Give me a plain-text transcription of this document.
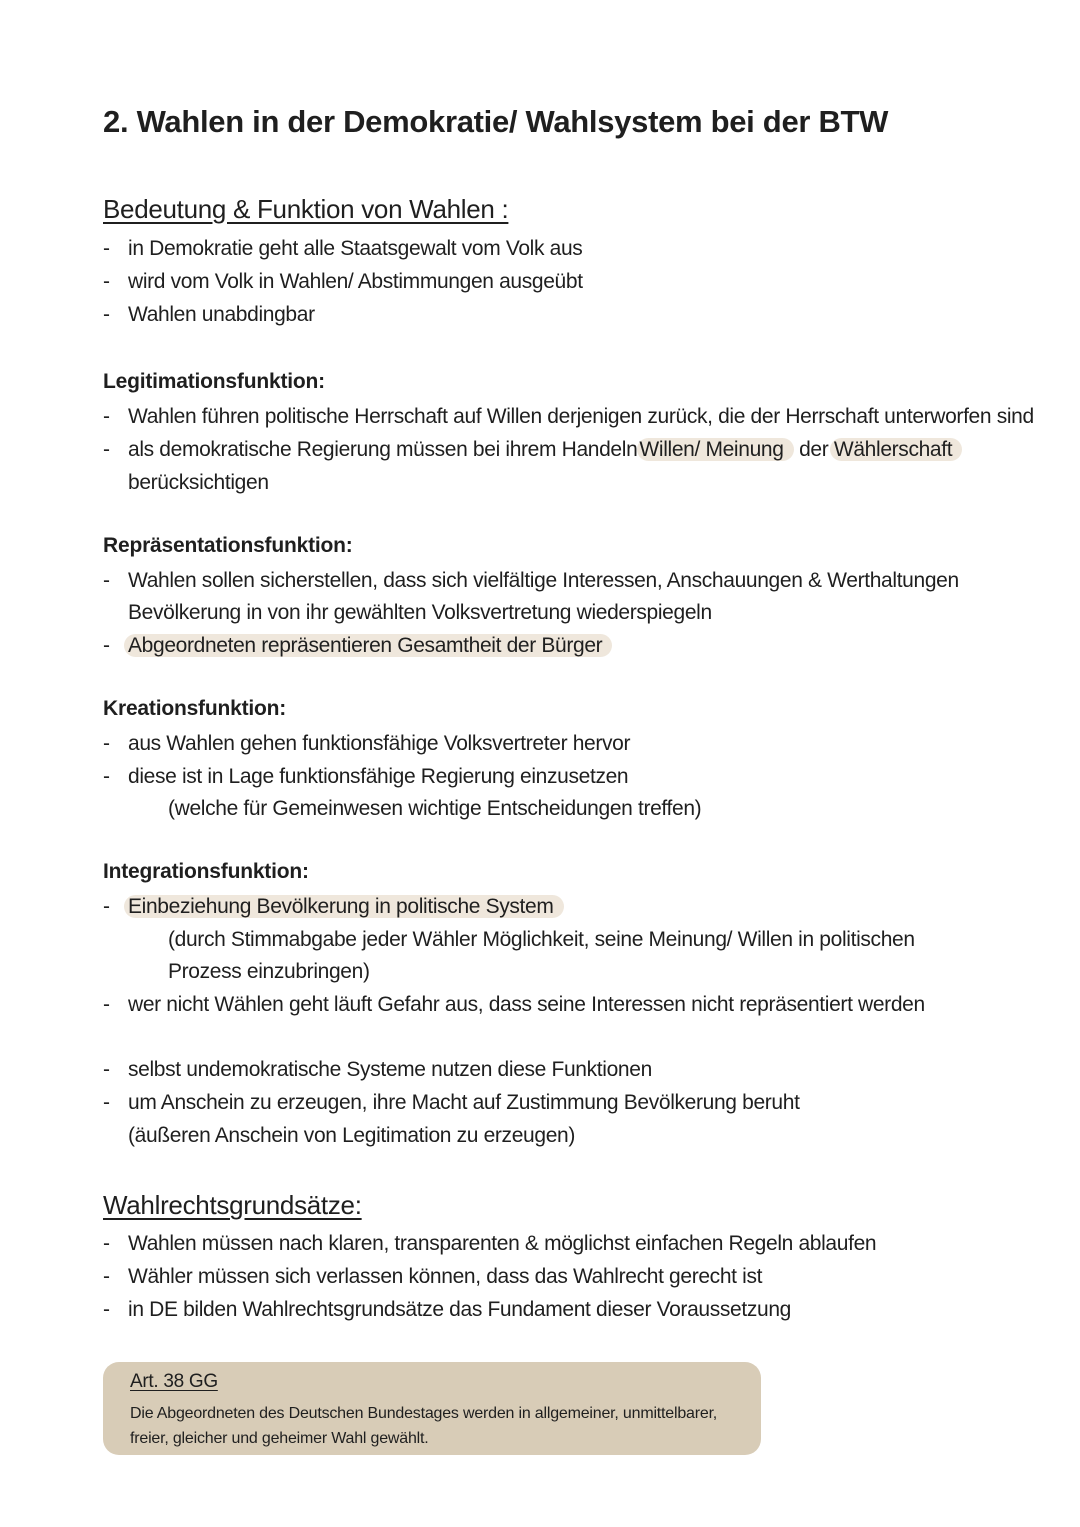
2. Wahlen in der Demokratie/ Wahlsystem bei der BTW
Bedeutung & Funktion von Wahlen :
- in Demokratie geht alle Staatsgewalt vom Volk aus
- wird vom Volk in Wahlen/ Abstimmungen ausgeübt
- Wahlen unabdingbar
Legitimationsfunktion:
- Wahlen führen politische Herrschaft auf Willen derjenigen zurück, die der Herrschaft unterworfen sind
- als demokratische Regierung müssen bei ihrem HandelnWillen/ Meinung der Wählerschaft
berücksichtigen
Repräsentationsfunktion:
- Wahlen sollen sicherstellen, dass sich vielfältige Interessen, Anschauungen & Werthaltungen
Bevölkerung in von ihr gewählten Volksvertretung wiederspiegeln
- Abgeordneten repräsentieren Gesamtheit der Bürger
Kreationsfunktion:
- aus Wahlen gehen funktionsfähige Volksvertreter hervor
- diese ist in Lage funktionsfähige Regierung einzusetzen
(welche für Gemeinwesen wichtige Entscheidungen treffen)
Integrationsfunktion:
- Einbeziehung Bevölkerung in politische System
(durch Stimmabgabe jeder Wähler Möglichkeit, seine Meinung/ Willen in politischen
Prozess einzubringen)
- wer nicht Wählen geht läuft Gefahr aus, dass seine Interessen nicht repräsentiert werden
- selbst undemokratische Systeme nutzen diese Funktionen
- um Anschein zu erzeugen, ihre Macht auf Zustimmung Bevölkerung beruht
(äußeren Anschein von Legitimation zu erzeugen)
Wahlrechtsgrundsätze:
- Wahlen müssen nach klaren, transparenten & möglichst einfachen Regeln ablaufen
- Wähler müssen sich verlassen können, dass das Wahlrecht gerecht ist
- in DE bilden Wahlrechtsgrundsätze das Fundament dieser Voraussetzung
Art. 38 GG
Die Abgeordneten des Deutschen Bundestages werden in allgemeiner, unmittelbarer, freier, gleicher und geheimer Wahl gewählt.
